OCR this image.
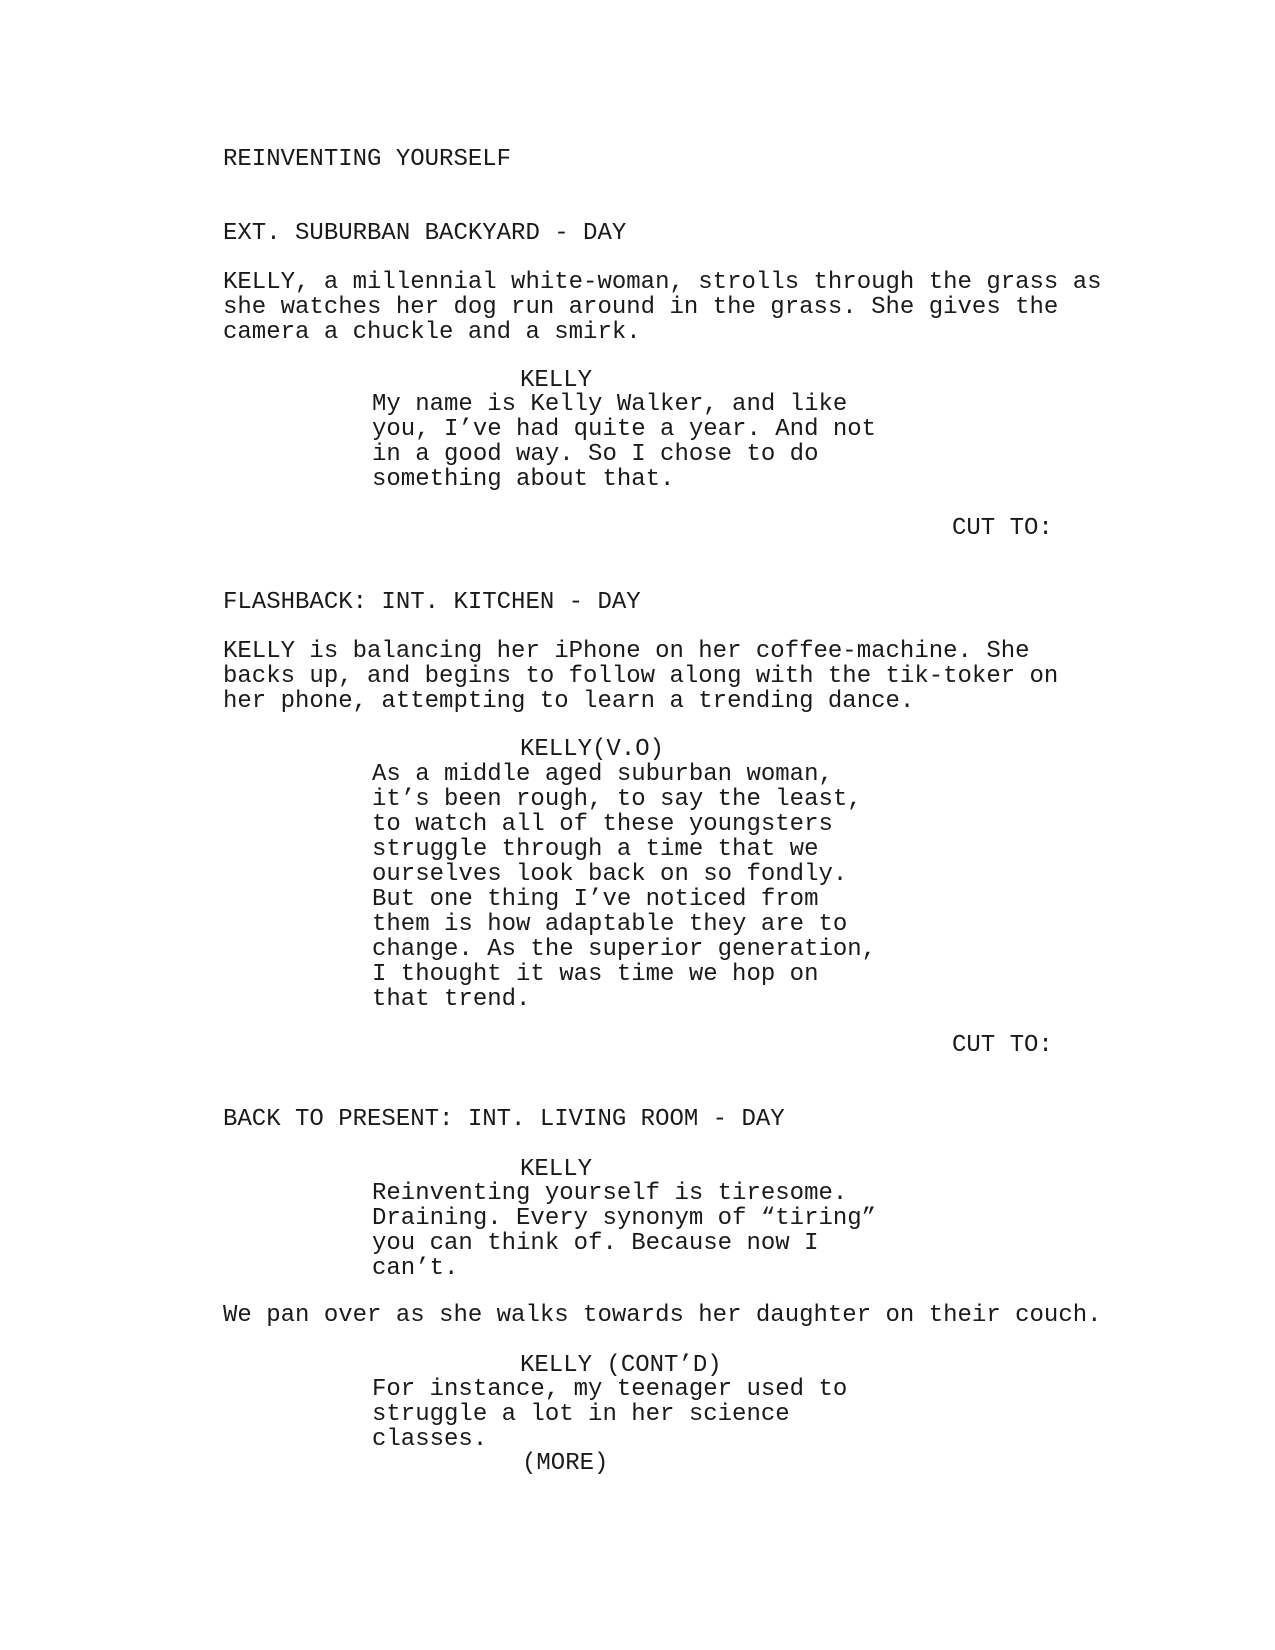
REINVENTING YOURSELF
EXT. SUBURBAN BACKYARD - DAY
KELLY, a millennial white-woman, strolls through the grass as
she watches her dog run around in the grass. She gives the
camera a chuckle and a smirk.
KELLY
My name is Kelly Walker, and like
you, I’ve had quite a year. And not
in a good way. So I chose to do
something about that.
CUT TO:
FLASHBACK: INT. KITCHEN - DAY
KELLY is balancing her iPhone on her coffee-machine. She
backs up, and begins to follow along with the tik-toker on
her phone, attempting to learn a trending dance.
KELLY(V.O)
As a middle aged suburban woman,
it’s been rough, to say the least,
to watch all of these youngsters
struggle through a time that we
ourselves look back on so fondly.
But one thing I’ve noticed from
them is how adaptable they are to
change. As the superior generation,
I thought it was time we hop on
that trend.
CUT TO:
BACK TO PRESENT: INT. LIVING ROOM - DAY
KELLY
Reinventing yourself is tiresome.
Draining. Every synonym of “tiring”
you can think of. Because now I
can’t.
We pan over as she walks towards her daughter on their couch.
KELLY (CONT’D)
For instance, my teenager used to
struggle a lot in her science
classes.
(MORE)
